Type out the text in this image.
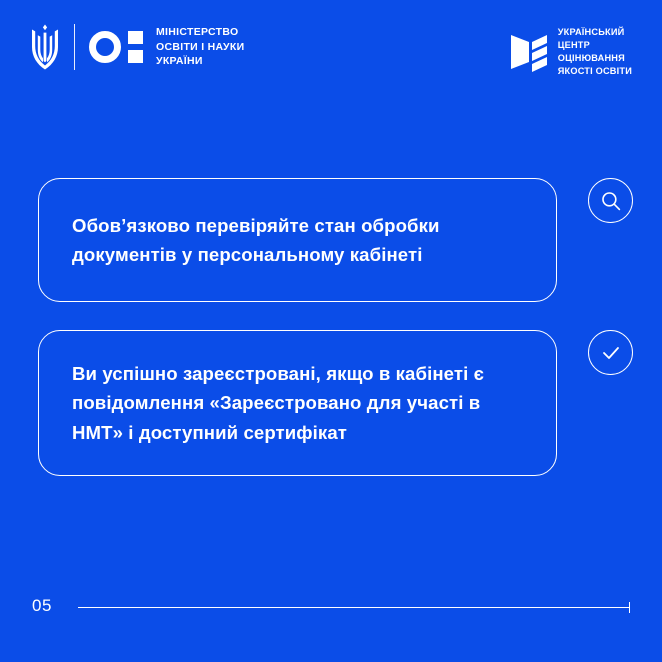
МІНІСТЕРСТВО
ОСВІТИ І НАУКИ
УКРАЇНИ
УКРАЇНСЬКИЙ
ЦЕНТР
ОЦІНЮВАННЯ
ЯКОСТІ ОСВІТИ

Обов’язково перевіряйте стан обробки документів у персональному кабінеті

Ви успішно зареєстровані, якщо в кабінеті є повідомлення «Зареєстровано для участі в НМТ» і доступний сертифікат

05
